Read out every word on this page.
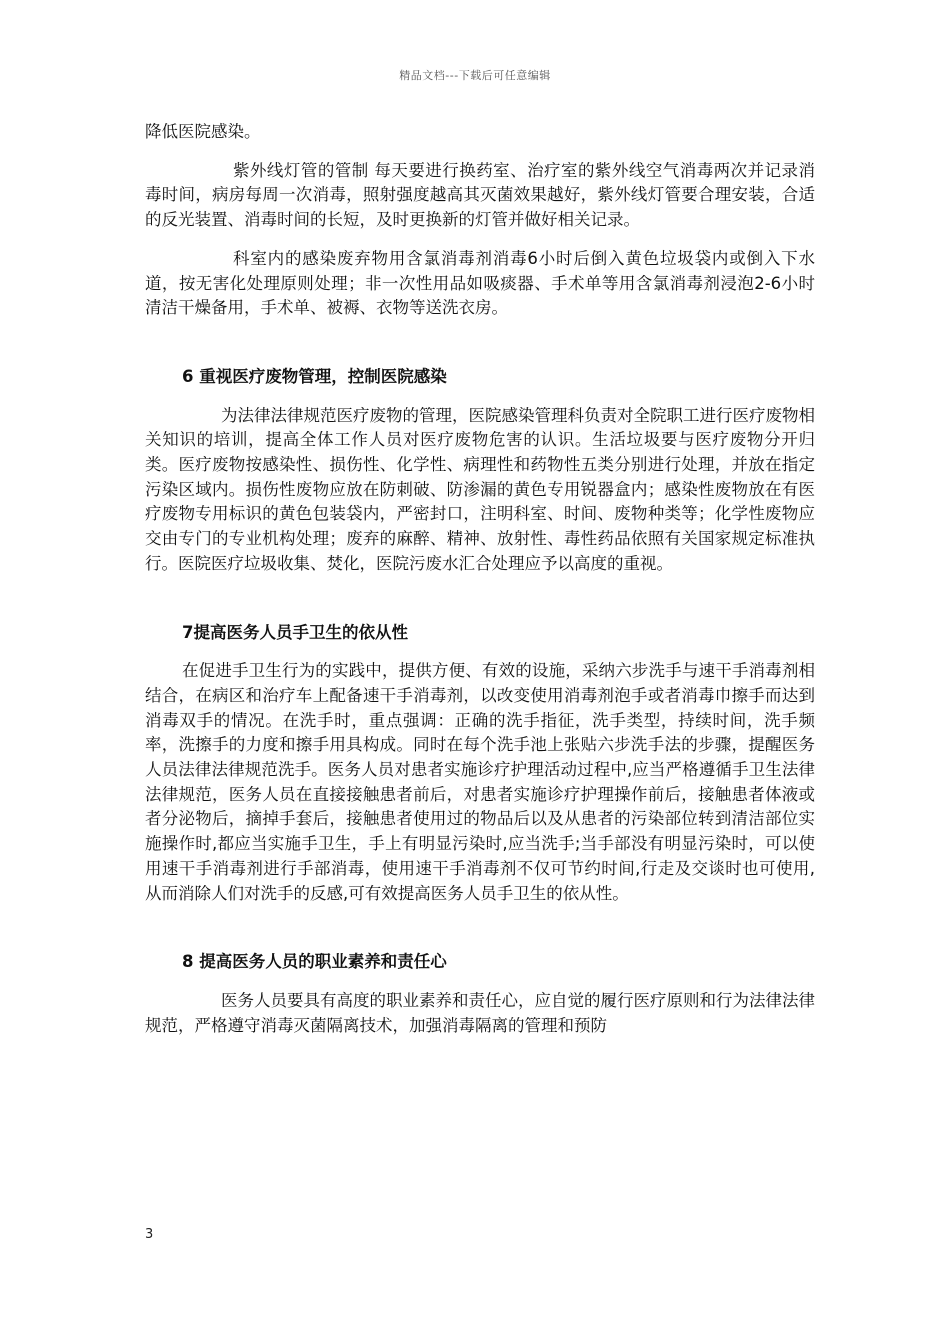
精品文档---下载后可任意编辑

降低医院感染。

紫外线灯管的管制 每天要进行换药室、治疗室的紫外线空气消毒两次并记录消毒时间，病房每周一次消毒，照射强度越高其灭菌效果越好，紫外线灯管要合理安装，合适的反光装置、消毒时间的长短，及时更换新的灯管并做好相关记录。

科室内的感染废弃物用含氯消毒剂消毒6小时后倒入黄色垃圾袋内或倒入下水道，按无害化处理原则处理；非一次性用品如吸痰器、手术单等用含氯消毒剂浸泡2-6小时清洁干燥备用，手术单、被褥、衣物等送洗衣房。

6 重视医疗废物管理，控制医院感染

为法律法律规范医疗废物的管理，医院感染管理科负责对全院职工进行医疗废物相关知识的培训，提高全体工作人员对医疗废物危害的认识。生活垃圾要与医疗废物分开归类。医疗废物按感染性、损伤性、化学性、病理性和药物性五类分别进行处理，并放在指定污染区域内。损伤性废物应放在防刺破、防渗漏的黄色专用锐器盒内；感染性废物放在有医疗废物专用标识的黄色包装袋内，严密封口，注明科室、时间、废物种类等；化学性废物应交由专门的专业机构处理；废弃的麻醉、精神、放射性、毒性药品依照有关国家规定标准执行。医院医疗垃圾收集、焚化，医院污废水汇合处理应予以高度的重视。

7提高医务人员手卫生的依从性

在促进手卫生行为的实践中，提供方便、有效的设施，采纳六步洗手与速干手消毒剂相结合，在病区和治疗车上配备速干手消毒剂，以改变使用消毒剂泡手或者消毒巾擦手而达到消毒双手的情况。在洗手时，重点强调：正确的洗手指征，洗手类型，持续时间，洗手频率，洗擦手的力度和擦手用具构成。同时在每个洗手池上张贴六步洗手法的步骤，提醒医务人员法律法律规范洗手。医务人员对患者实施诊疗护理活动过程中,应当严格遵循手卫生法律法律规范，医务人员在直接接触患者前后，对患者实施诊疗护理操作前后，接触患者体液或者分泌物后，摘掉手套后，接触患者使用过的物品后以及从患者的污染部位转到清洁部位实施操作时,都应当实施手卫生，手上有明显污染时,应当洗手;当手部没有明显污染时，可以使用速干手消毒剂进行手部消毒，使用速干手消毒剂不仅可节约时间,行走及交谈时也可使用,从而消除人们对洗手的反感,可有效提高医务人员手卫生的依从性。

8 提高医务人员的职业素养和责任心

医务人员要具有高度的职业素养和责任心，应自觉的履行医疗原则和行为法律法律规范，严格遵守消毒灭菌隔离技术，加强消毒隔离的管理和预防

3
